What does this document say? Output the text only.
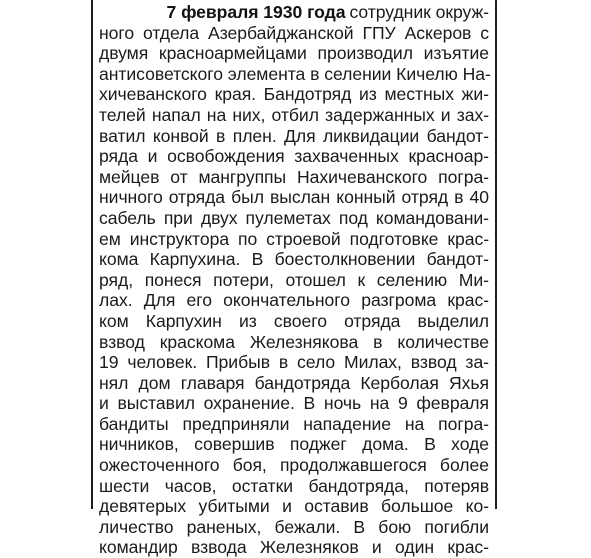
7 февраля 1930 года сотрудник окруж-
ного отдела Азербайджанской ГПУ Аскеров с
двумя красноармейцами производил изъятие
антисоветского элемента в селении Кичелю На-
хичеванского края. Бандотряд из местных жи-
телей напал на них, отбил задержанных и зах-
ватил конвой в плен. Для ликвидации бандот-
ряда и освобождения захваченных красноар-
мейцев от мангруппы Нахичеванского погра-
ничного отряда был выслан конный отряд в 40
сабель при двух пулеметах под командовани-
ем инструктора по строевой подготовке крас-
кома Карпухина. В боестолкновении бандот-
ряд, понеся потери, отошел к селению Ми-
лах. Для его окончательного разгрома крас-
ком Карпухин из своего отряда выделил
взвод краскома Железнякова в количестве
19 человек. Прибыв в село Милах, взвод за-
нял дом главаря бандотряда Керболая Яхья
и выставил охранение. В ночь на 9 февраля
бандиты предприняли нападение на погра-
ничников, совершив поджег дома. В ходе
ожесточенного боя, продолжавшегося более
шести часов, остатки бандотряда, потеряв
девятерых убитыми и оставив большое ко-
личество раненых, бежали. В бою погибли
командир взвода Железняков и один крас-
